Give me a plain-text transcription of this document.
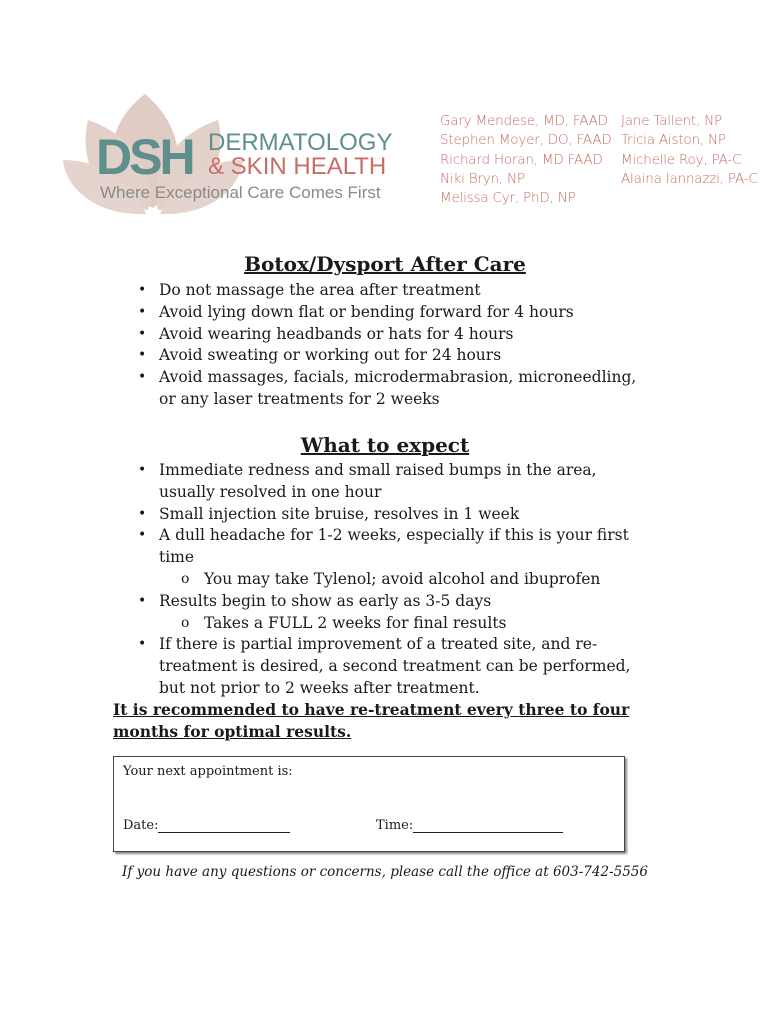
DSH DERMATOLOGY
& SKIN HEALTH
Where Exceptional Care Comes First
Gary Mendese, MD, FAAD
Stephen Moyer, DO, FAAD
Richard Horan, MD FAAD
Niki Bryn, NP
Melissa Cyr, PhD, NP
Jane Tallent, NP
Tricia Aiston, NP
Michelle Roy, PA-C
Alaina Iannazzi, PA-C
Botox/Dysport After Care
• Do not massage the area after treatment
• Avoid lying down flat or bending forward for 4 hours
• Avoid wearing headbands or hats for 4 hours
• Avoid sweating or working out for 24 hours
• Avoid massages, facials, microdermabrasion, microneedling, or any laser treatments for 2 weeks
What to expect
• Immediate redness and small raised bumps in the area, usually resolved in one hour
• Small injection site bruise, resolves in 1 week
• A dull headache for 1-2 weeks, especially if this is your first time
o You may take Tylenol; avoid alcohol and ibuprofen
• Results begin to show as early as 3-5 days
o Takes a FULL 2 weeks for final results
• If there is partial improvement of a treated site, and re-treatment is desired, a second treatment can be performed, but not prior to 2 weeks after treatment.
It is recommended to have re-treatment every three to four months for optimal results.
Your next appointment is:
Date:	Time:
If you have any questions or concerns, please call the office at 603-742-5556
